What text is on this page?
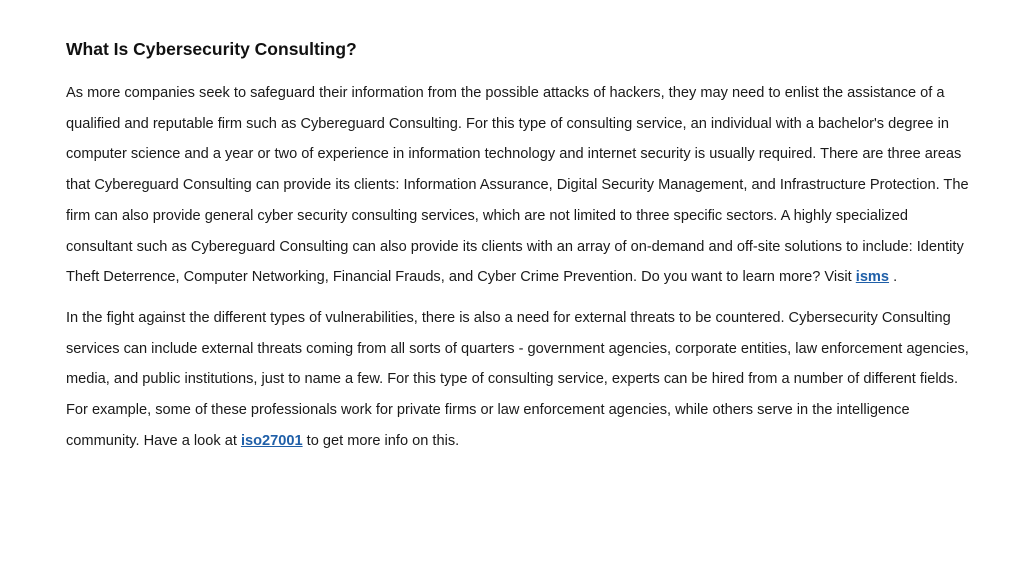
What Is Cybersecurity Consulting?

As more companies seek to safeguard their information from the possible attacks of hackers, they may need to enlist the assistance of a qualified and reputable firm such as Cybereguard Consulting. For this type of consulting service, an individual with a bachelor's degree in computer science and a year or two of experience in information technology and internet security is usually required. There are three areas that Cybereguard Consulting can provide its clients: Information Assurance, Digital Security Management, and Infrastructure Protection. The firm can also provide general cyber security consulting services, which are not limited to three specific sectors. A highly specialized consultant such as Cybereguard Consulting can also provide its clients with an array of on-demand and off-site solutions to include: Identity Theft Deterrence, Computer Networking, Financial Frauds, and Cyber Crime Prevention. Do you want to learn more? Visit isms .

In the fight against the different types of vulnerabilities, there is also a need for external threats to be countered. Cybersecurity Consulting services can include external threats coming from all sorts of quarters - government agencies, corporate entities, law enforcement agencies, media, and public institutions, just to name a few. For this type of consulting service, experts can be hired from a number of different fields. For example, some of these professionals work for private firms or law enforcement agencies, while others serve in the intelligence community. Have a look at iso27001 to get more info on this.
